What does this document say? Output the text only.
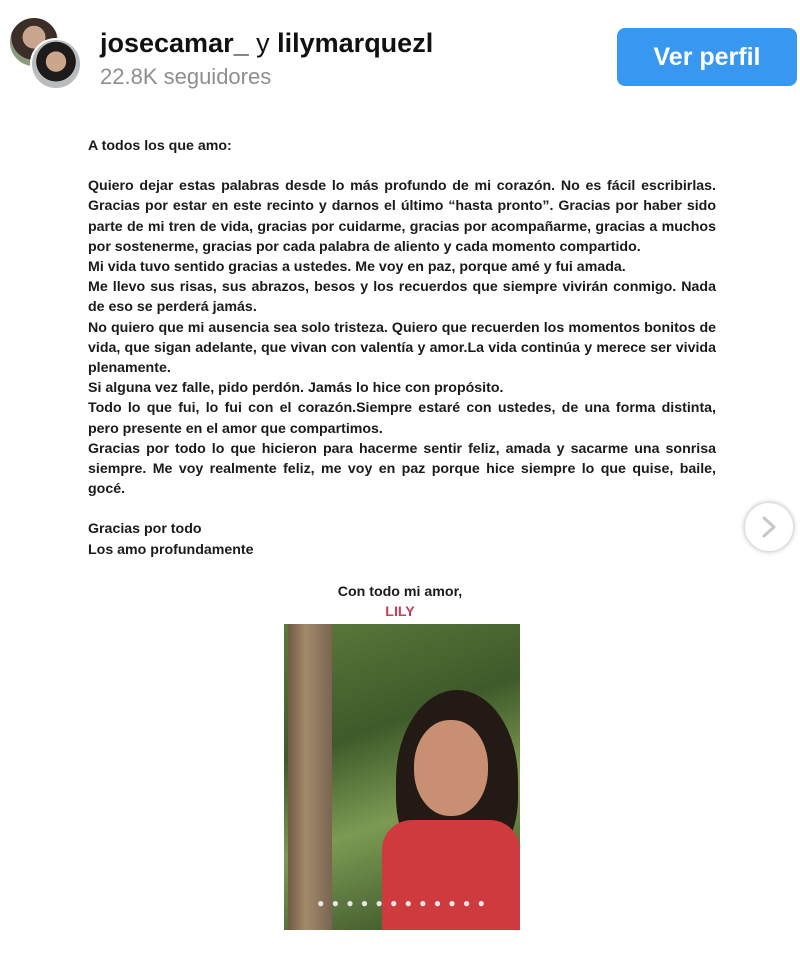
josecamar_ y lilymarquezl
22.8K seguidores
Ver perfil

A todos los que amo:

Quiero dejar estas palabras desde lo más profundo de mi corazón. No es fácil escribirlas. Gracias por estar en este recinto y darnos el último “hasta pronto”. Gracias por haber sido parte de mi tren de vida, gracias por cuidarme, gracias por acompañarme, gracias a muchos por sostenerme, gracias por cada palabra de aliento y cada momento compartido.

Mi vida tuvo sentido gracias a ustedes. Me voy en paz, porque amé y fui amada.

Me llevo sus risas, sus abrazos, besos y los recuerdos que siempre vivirán conmigo. Nada de eso se perderá jamás.

No quiero que mi ausencia sea solo tristeza. Quiero que recuerden los momentos bonitos de vida, que sigan adelante, que vivan con valentía y amor.La vida continúa y merece ser vivida plenamente.

Si alguna vez falle, pido perdón. Jamás lo hice con propósito.

Todo lo que fui, lo fui con el corazón.Siempre estaré con ustedes, de una forma distinta, pero presente en el amor que compartimos.

Gracias por todo lo que hicieron para hacerme sentir feliz, amada y sacarme una sonrisa siempre. Me voy realmente feliz, me voy en paz porque hice siempre lo que quise, baile, gocé.

Gracias por todo

Los amo profundamente

Con todo mi amor,
LILY
● ● ● ● ● ● ● ● ● ● ● ●
